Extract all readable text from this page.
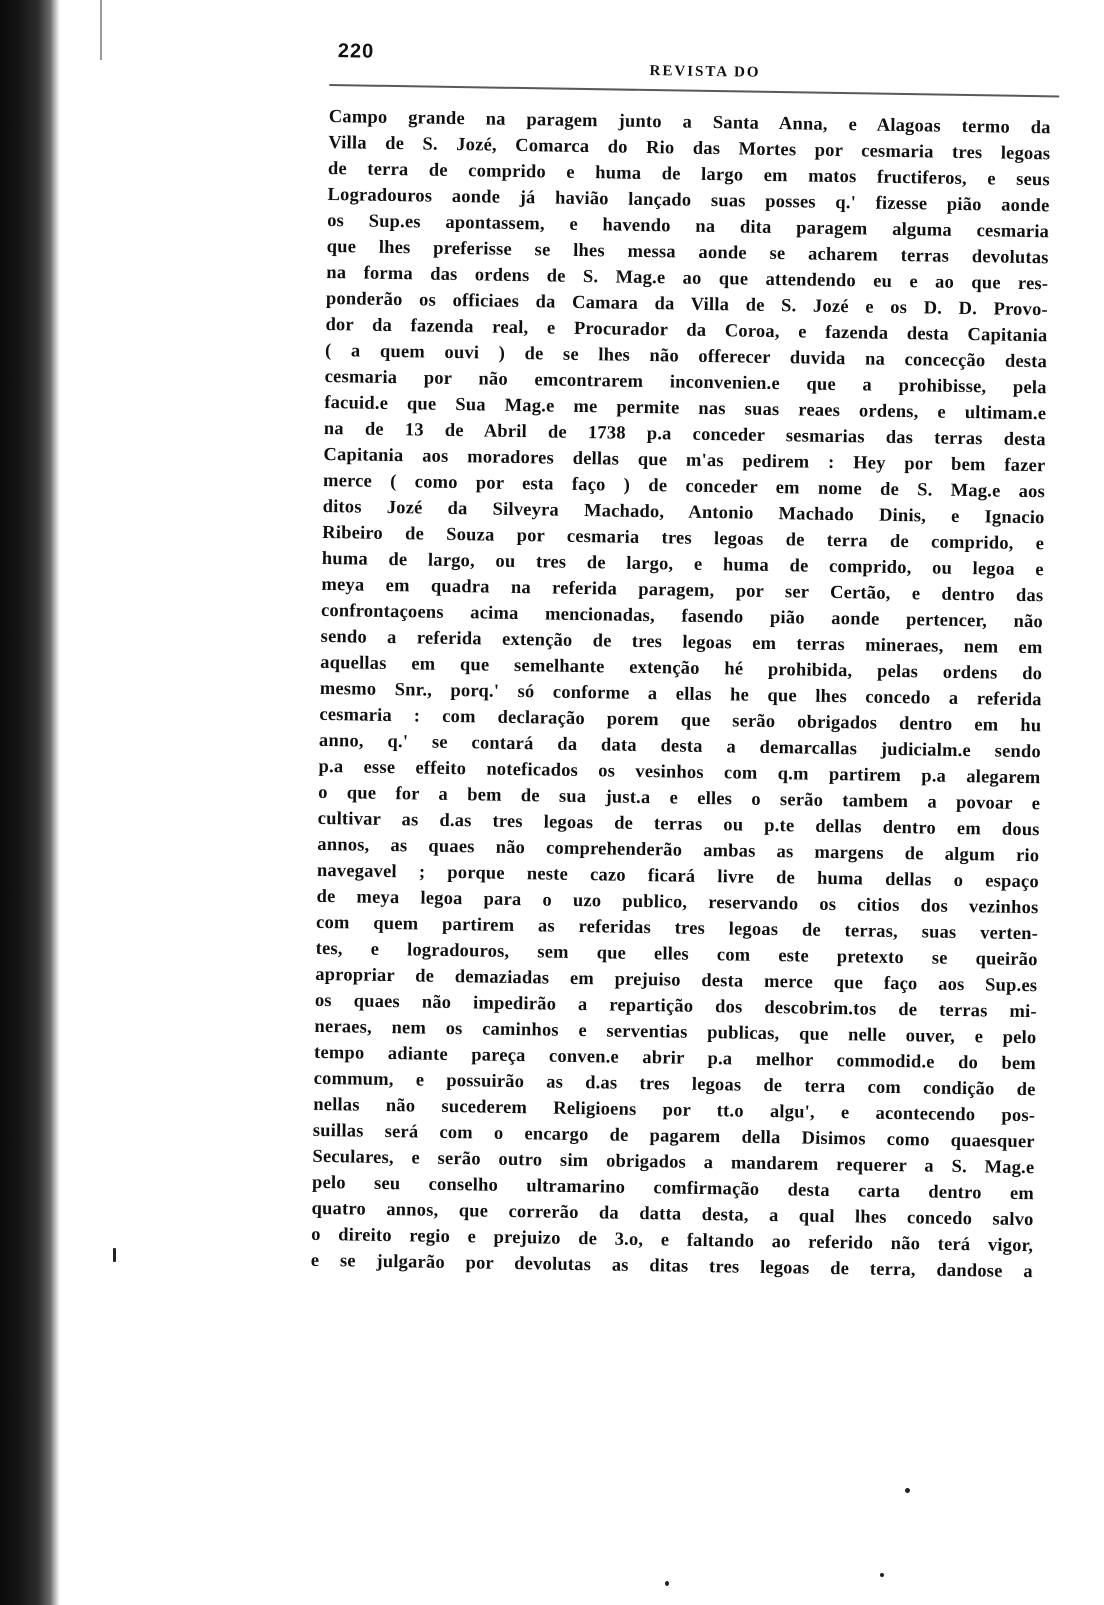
220
REVISTA DO
Campo grande na paragem junto a Santa Anna, e Alagoas termo da
Villa de S. Jozé, Comarca do Rio das Mortes por cesmaria tres legoas
de terra de comprido e huma de largo em matos fructiferos, e seus
Logradouros aonde já havião lançado suas posses q.' fizesse pião aonde
os Sup.es apontassem, e havendo na dita paragem alguma cesmaria
que lhes preferisse se lhes messa aonde se acharem terras devolutas
na forma das ordens de S. Mag.e ao que attendendo eu e ao que res-
ponderão os officiaes da Camara da Villa de S. Jozé e os D. D. Provo-
dor da fazenda real, e Procurador da Coroa, e fazenda desta Capitania
( a quem ouvi ) de se lhes não offerecer duvida na concecção desta
cesmaria por não emcontrarem inconvenien.e que a prohibisse, pela
facuid.e que Sua Mag.e me permite nas suas reaes ordens, e ultimam.e
na de 13 de Abril de 1738 p.a conceder sesmarias das terras desta
Capitania aos moradores dellas que m'as pedirem : Hey por bem fazer
merce ( como por esta faço ) de conceder em nome de S. Mag.e aos
ditos Jozé da Silveyra Machado, Antonio Machado Dinis, e Ignacio
Ribeiro de Souza por cesmaria tres legoas de terra de comprido, e
huma de largo, ou tres de largo, e huma de comprido, ou legoa e
meya em quadra na referida paragem, por ser Certão, e dentro das
confrontaçoens acima mencionadas, fasendo pião aonde pertencer, não
sendo a referida extenção de tres legoas em terras mineraes, nem em
aquellas em que semelhante extenção hé prohibida, pelas ordens do
mesmo Snr., porq.' só conforme a ellas he que lhes concedo a referida
cesmaria : com declaração porem que serão obrigados dentro em hu
anno, q.' se contará da data desta a demarcallas judicialm.e sendo
p.a esse effeito noteficados os vesinhos com q.m partirem p.a alegarem
o que for a bem de sua just.a e elles o serão tambem a povoar e
cultivar as d.as tres legoas de terras ou p.te dellas dentro em dous
annos, as quaes não comprehenderão ambas as margens de algum rio
navegavel ; porque neste cazo ficará livre de huma dellas o espaço
de meya legoa para o uzo publico, reservando os citios dos vezinhos
com quem partirem as referidas tres legoas de terras, suas verten-
tes, e logradouros, sem que elles com este pretexto se queirão
apropriar de demaziadas em prejuiso desta merce que faço aos Sup.es
os quaes não impedirão a repartição dos descobrim.tos de terras mi-
neraes, nem os caminhos e serventias publicas, que nelle ouver, e pelo
tempo adiante pareça conven.e abrir p.a melhor commodid.e do bem
commum, e possuirão as d.as tres legoas de terra com condição de
nellas não sucederem Religioens por tt.o algu', e acontecendo pos-
suillas será com o encargo de pagarem della Disimos como quaesquer
Seculares, e serão outro sim obrigados a mandarem requerer a S. Mag.e
pelo seu conselho ultramarino comfirmação desta carta dentro em
quatro annos, que correrão da datta desta, a qual lhes concedo salvo
o direito regio e prejuizo de 3.o, e faltando ao referido não terá vigor,
e se julgarão por devolutas as ditas tres legoas de terra, dandose a
